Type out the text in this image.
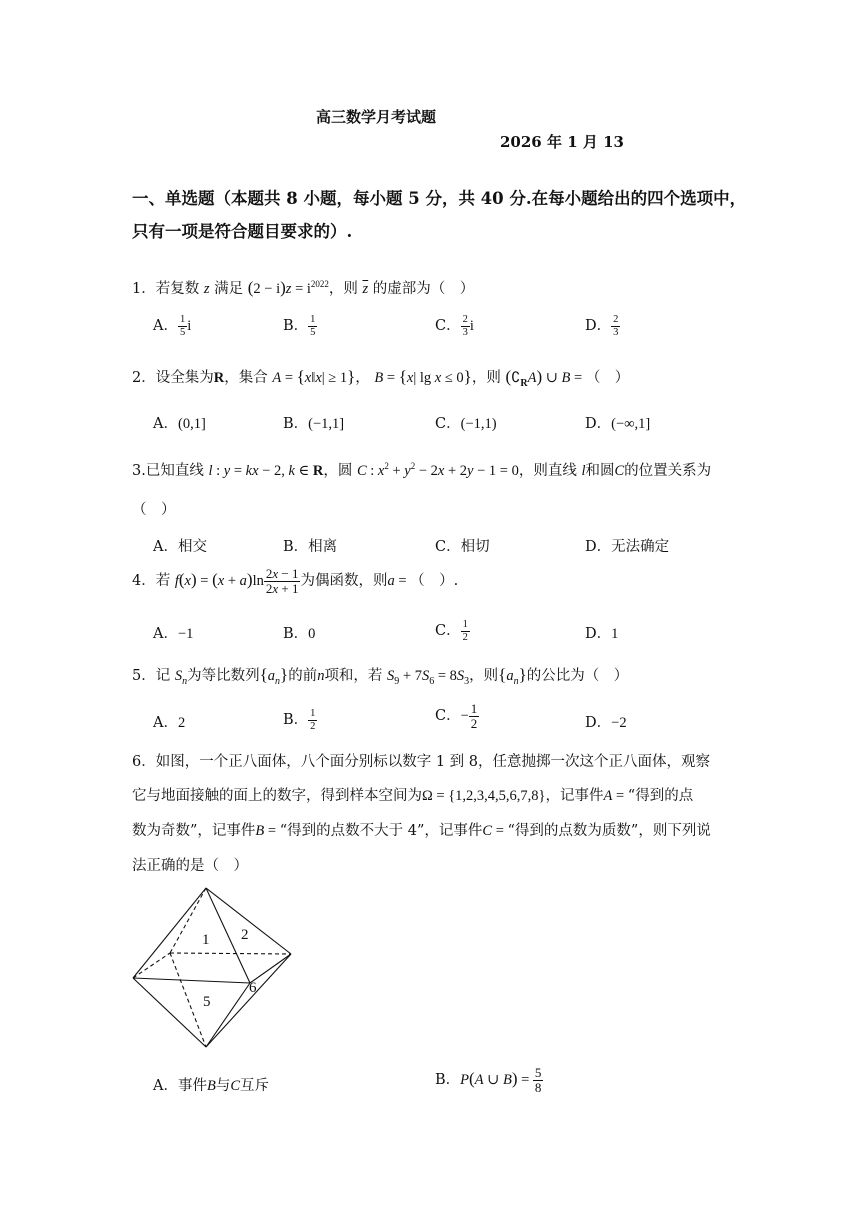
高三数学月考试题
2026 年 1 月 13
一、单选题（本题共 8 小题，每小题 5 分，共 40 分.在每小题给出的四个选项中，
只有一项是符合题目要求的）.
1．若复数 z 满足 $(2 - i)z = i^{2022}$，则 $\overline{z}$ 的虚部为（　）
A． $\frac{1}{5}$ i	B． $\frac{1}{5}$	C． $\frac{2}{3}$ i	D． $\frac{2}{3}$
2．设全集为R，集合 A = {x‖x| ≥ 1}， B = {x| lg x ≤ 0}，则 $(∁_RA)$ ∪ B = （　）
A．(0,1]	B．(−1,1]	C．(−1,1)	D．(−∞,1]
3.已知直线 l : y = kx − 2, k ∈ R，圆 C : $x^2 + y^2 - 2x + 2y - 1 = 0$，则直线 l和圆C的位置关系为
（　）
A．相交	B．相离	C．相切	D．无法确定
4．若 $f(x) = (x + a)\ln \frac{2x - 1}{2x + 1}$ 为偶函数，则a = （　）.
A．−1	B．0	C． $\frac{1}{2}$	D．1
5．记 $S_n$为等比数列$\{a_n\}$的前n项和，若 $S_9 + 7S_6 = 8S_3$，则$\{a_n\}$的公比为（　）
A．2	B． $\frac{1}{2}$	C．− $\frac{1}{2}$	D．−2
6．如图，一个正八面体，八个面分别标以数字 1 到 8，任意抛掷一次这个正八面体，观察
它与地面接触的面上的数字，得到样本空间为Ω = {1,2,3,4,5,6,7,8}，记事件A = “得到的点
数为奇数”，记事件B = “得到的点数不大于 4”，记事件C = “得到的点数为质数”，则下列说
法正确的是（　）
1 2
5
6
A．事件B与C互斥	B．P(A ∪ $B) = \frac{5}{8}$
